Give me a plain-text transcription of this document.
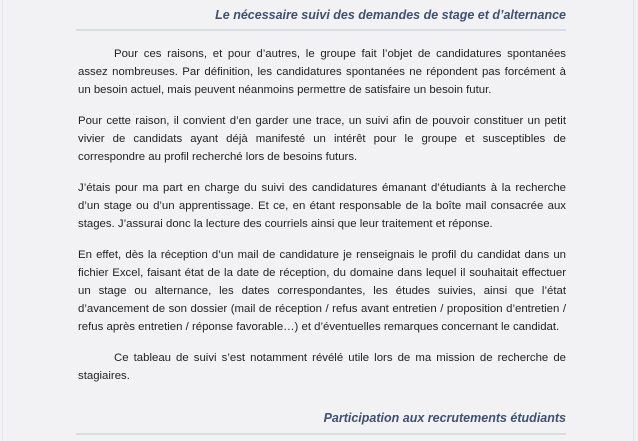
Le nécessaire suivi des demandes de stage et d’alternance

Pour ces raisons, et pour d’autres, le groupe fait l’objet de candidatures spontanées assez nombreuses. Par définition, les candidatures spontanées ne répondent pas forcément à un besoin actuel, mais peuvent néanmoins permettre de satisfaire un besoin futur.

Pour cette raison, il convient d’en garder une trace, un suivi afin de pouvoir constituer un petit vivier de candidats ayant déjà manifesté un intérêt pour le groupe et susceptibles de correspondre au profil recherché lors de besoins futurs.

J’étais pour ma part en charge du suivi des candidatures émanant d’étudiants à la recherche d’un stage ou d’un apprentissage. Et ce, en étant responsable de la boîte mail consacrée aux stages. J’assurai donc la lecture des courriels ainsi que leur traitement et réponse.

En effet, dès la réception d’un mail de candidature je renseignais le profil du candidat dans un fichier Excel, faisant état de la date de réception, du domaine dans lequel il souhaitait effectuer un stage ou alternance, les dates correspondantes, les études suivies, ainsi que l’état d’avancement de son dossier (mail de réception / refus avant entretien / proposition d’entretien / refus après entretien / réponse favorable…) et d’éventuelles remarques concernant le candidat.

Ce tableau de suivi s’est notamment révélé utile lors de ma mission de recherche de stagiaires.

Participation aux recrutements étudiants
